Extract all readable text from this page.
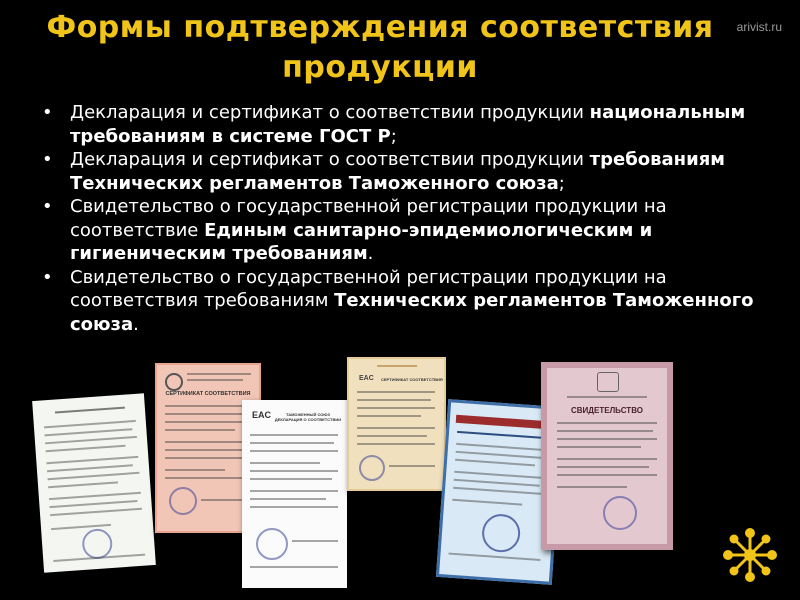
Формы подтверждения соответствия
продукции
arivist.ru
• Декларация и сертификат о соответствии продукции национальным требованиям в системе ГОСТ Р;
• Декларация и сертификат о соответствии продукции требованиям Технических регламентов Таможенного союза;
• Свидетельство о государственной регистрации продукции на соответствие Единым санитарно-эпидемиологическим и гигиеническим требованиям.
• Свидетельство о государственной регистрации продукции на соответствия требованиям Технических регламентов Таможенного союза.
СЕРТИФИКАТ СООТВЕТСТВИЯ
EAC	ТАМОЖЕННЫЙ СОЮЗ ДЕКЛАРАЦИЯ О СООТВЕТСТВИИ
EAC СЕРТИФИКАТ СООТВЕТСТВИЯ
СВИДЕТЕЛЬСТВО
